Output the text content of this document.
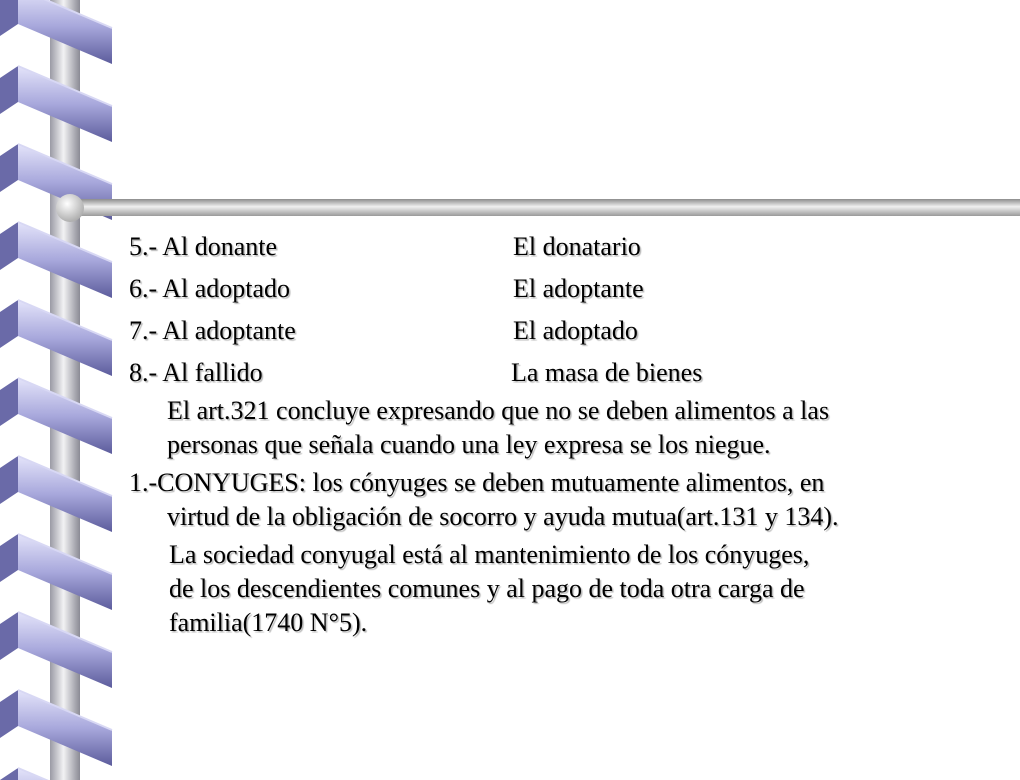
5.- Al donante	El donatario
6.- Al adoptado	El adoptante
7.- Al adoptante	El adoptado
8.- Al fallido	La masa de bienes
El art.321 concluye expresando que no se deben alimentos a las
personas que señala cuando una ley expresa se los niegue.
1.-CONYUGES: los cónyuges se deben mutuamente alimentos, en
virtud de la obligación de socorro y ayuda mutua(art.131 y 134).
La sociedad conyugal está al mantenimiento de los cónyuges,
de los descendientes comunes y al pago de toda otra carga de
familia(1740 N°5).
